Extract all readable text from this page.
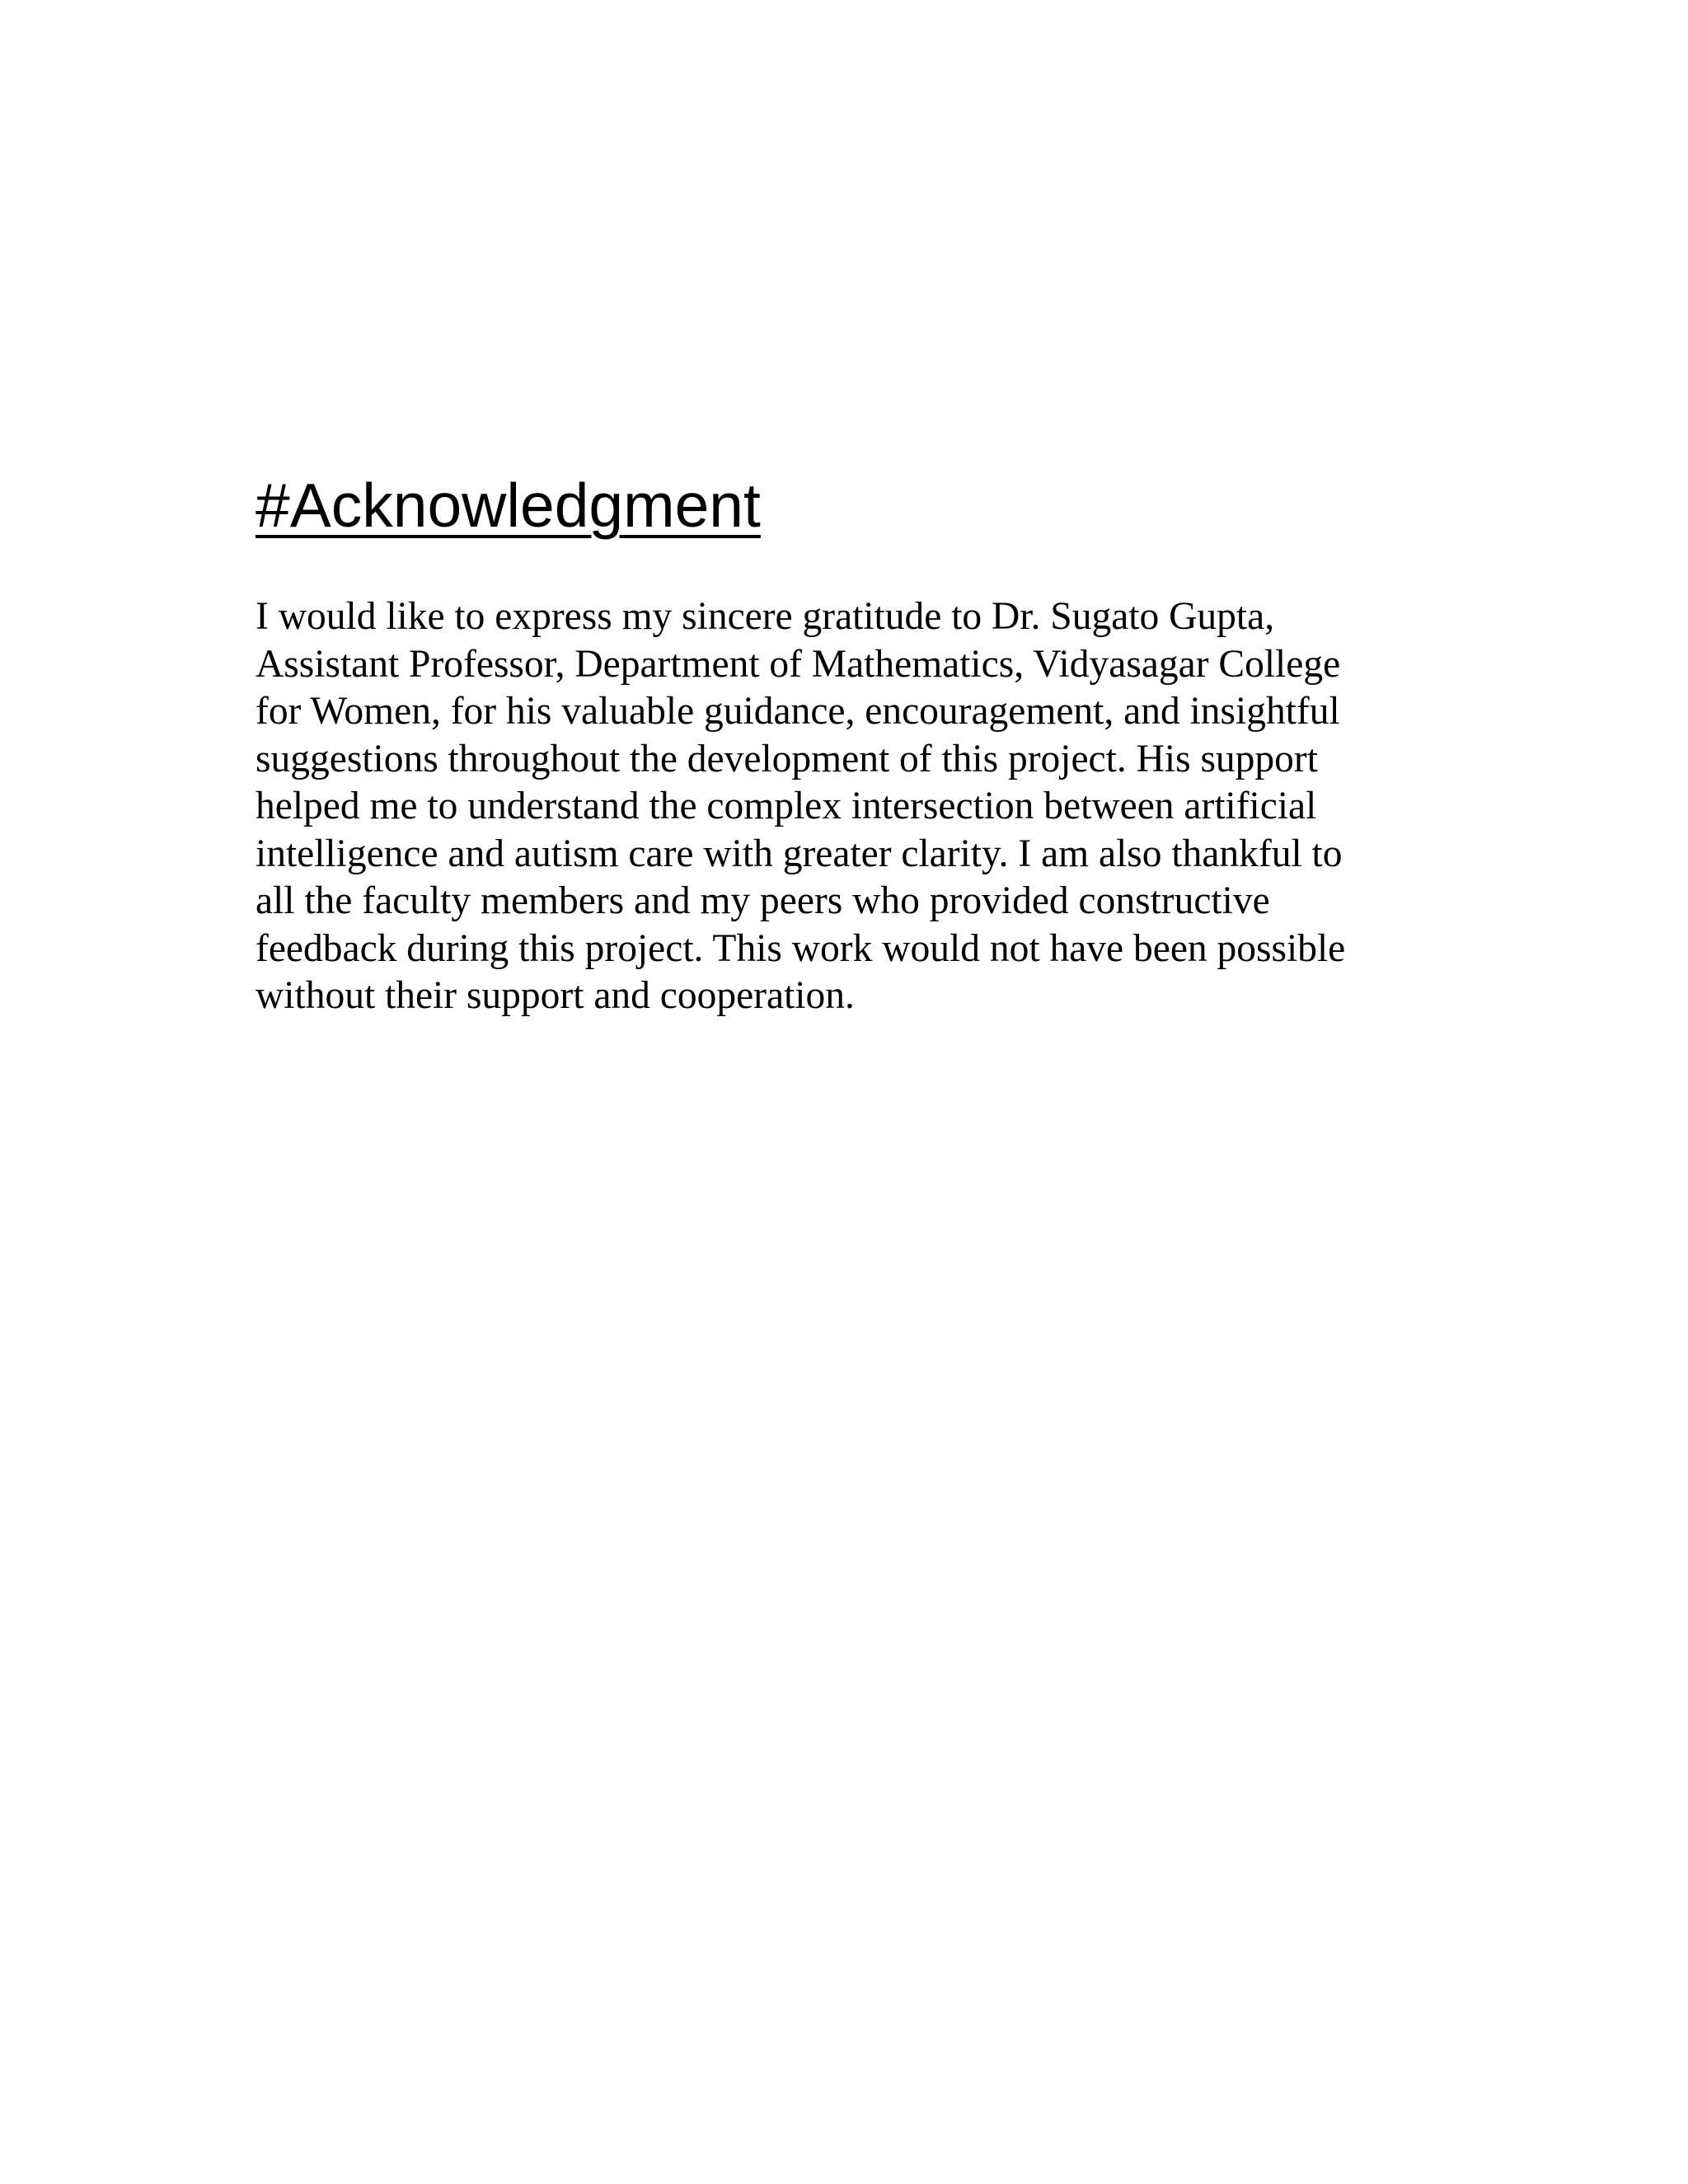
#Acknowledgment
I would like to express my sincere gratitude to Dr. Sugato Gupta,
Assistant Professor, Department of Mathematics, Vidyasagar College
for Women, for his valuable guidance, encouragement, and insightful
suggestions throughout the development of this project. His support
helped me to understand the complex intersection between artificial
intelligence and autism care with greater clarity. I am also thankful to
all the faculty members and my peers who provided constructive
feedback during this project. This work would not have been possible
without their support and cooperation.
